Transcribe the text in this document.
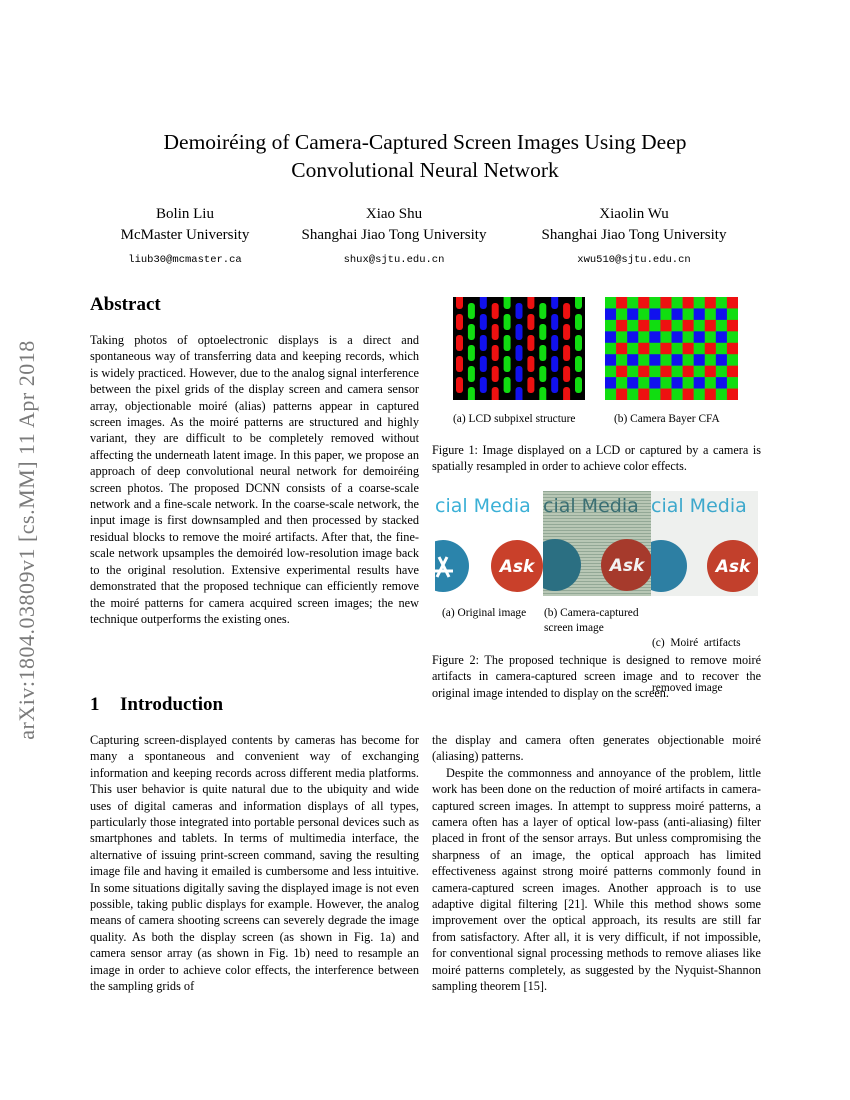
arXiv:1804.03809v1 [cs.MM] 11 Apr 2018
Demoiréing of Camera-Captured Screen Images Using Deep
Convolutional Neural Network
Bolin Liu
McMaster University
liub30@mcmaster.ca
Xiao Shu
Shanghai Jiao Tong University
shux@sjtu.edu.cn
Xiaolin Wu
Shanghai Jiao Tong University
xwu510@sjtu.edu.cn
Abstract

Taking photos of optoelectronic displays is a direct and spontaneous way of transferring data and keeping records, which is widely practiced. However, due to the analog signal interference between the pixel grids of the display screen and camera sensor array, objectionable moiré (alias) patterns appear in captured screen images. As the moiré patterns are structured and highly variant, they are difficult to be completely removed without affecting the underneath latent image. In this paper, we propose an approach of deep convolutional neural network for demoiréing screen photos. The proposed DCNN consists of a coarse-scale network and a fine-scale network. In the coarse-scale network, the input image is first downsampled and then processed by stacked residual blocks to remove the moiré artifacts. After that, the fine-scale network upsamples the demoiréd low-resolution image back to the original resolution. Extensive experimental results have demonstrated that the proposed technique can efficiently remove the moiré patterns for camera acquired screen images; the new technique outperforms the existing ones.

1 Introduction

Capturing screen-displayed contents by cameras has become for many a spontaneous and convenient way of exchanging information and keeping records across different media platforms. This user behavior is quite natural due to the ubiquity and wide uses of digital cameras and information displays of all types, particularly those integrated into portable personal devices such as smartphones and tablets. In terms of multimedia interface, the alternative of issuing print-screen command, saving the resulting image file and having it emailed is cumbersome and less intuitive. In some situations digitally saving the displayed image is not even possible, taking public displays for example. However, the analog means of camera shooting screens can severely degrade the image quality. As both the display screen (as shown in Fig. 1a) and camera sensor array (as shown in Fig. 1b) need to resample an image in order to achieve color effects, the interference between the sampling grids of

the display and camera often generates objectionable moiré (aliasing) patterns.

Despite the commonness and annoyance of the problem, little work has been done on the reduction of moiré artifacts in camera-captured screen images. In attempt to suppress moiré patterns, a camera often has a layer of optical low-pass (anti-aliasing) filter placed in front of the sensor arrays. But unless compromising the sharpness of an image, the optical approach has limited effectiveness against strong moiré patterns commonly found in camera-captured screen images. Another approach is to use adaptive digital filtering [21]. While this method shows some improvement over the optical approach, its results are still far from satisfactory. After all, it is very difficult, if not impossible, for conventional signal processing methods to remove aliases like moiré patterns completely, as suggested by the Nyquist-Shannon sampling theorem [15].

(a) LCD subpixel structure	(b) Camera Bayer CFA
Figure 1: Image displayed on a LCD or captured by a camera is spatially resampled in order to achieve color effects.
cial Media
Ask
cial Media
Ask
cial Media
Ask
(a) Original image (b) Camera-captured
screen image

(c)  Moiré  artifacts

removed image

Figure 2: The proposed technique is designed to remove moiré artifacts in camera-captured screen image and to recover the original image intended to display on the screen.
